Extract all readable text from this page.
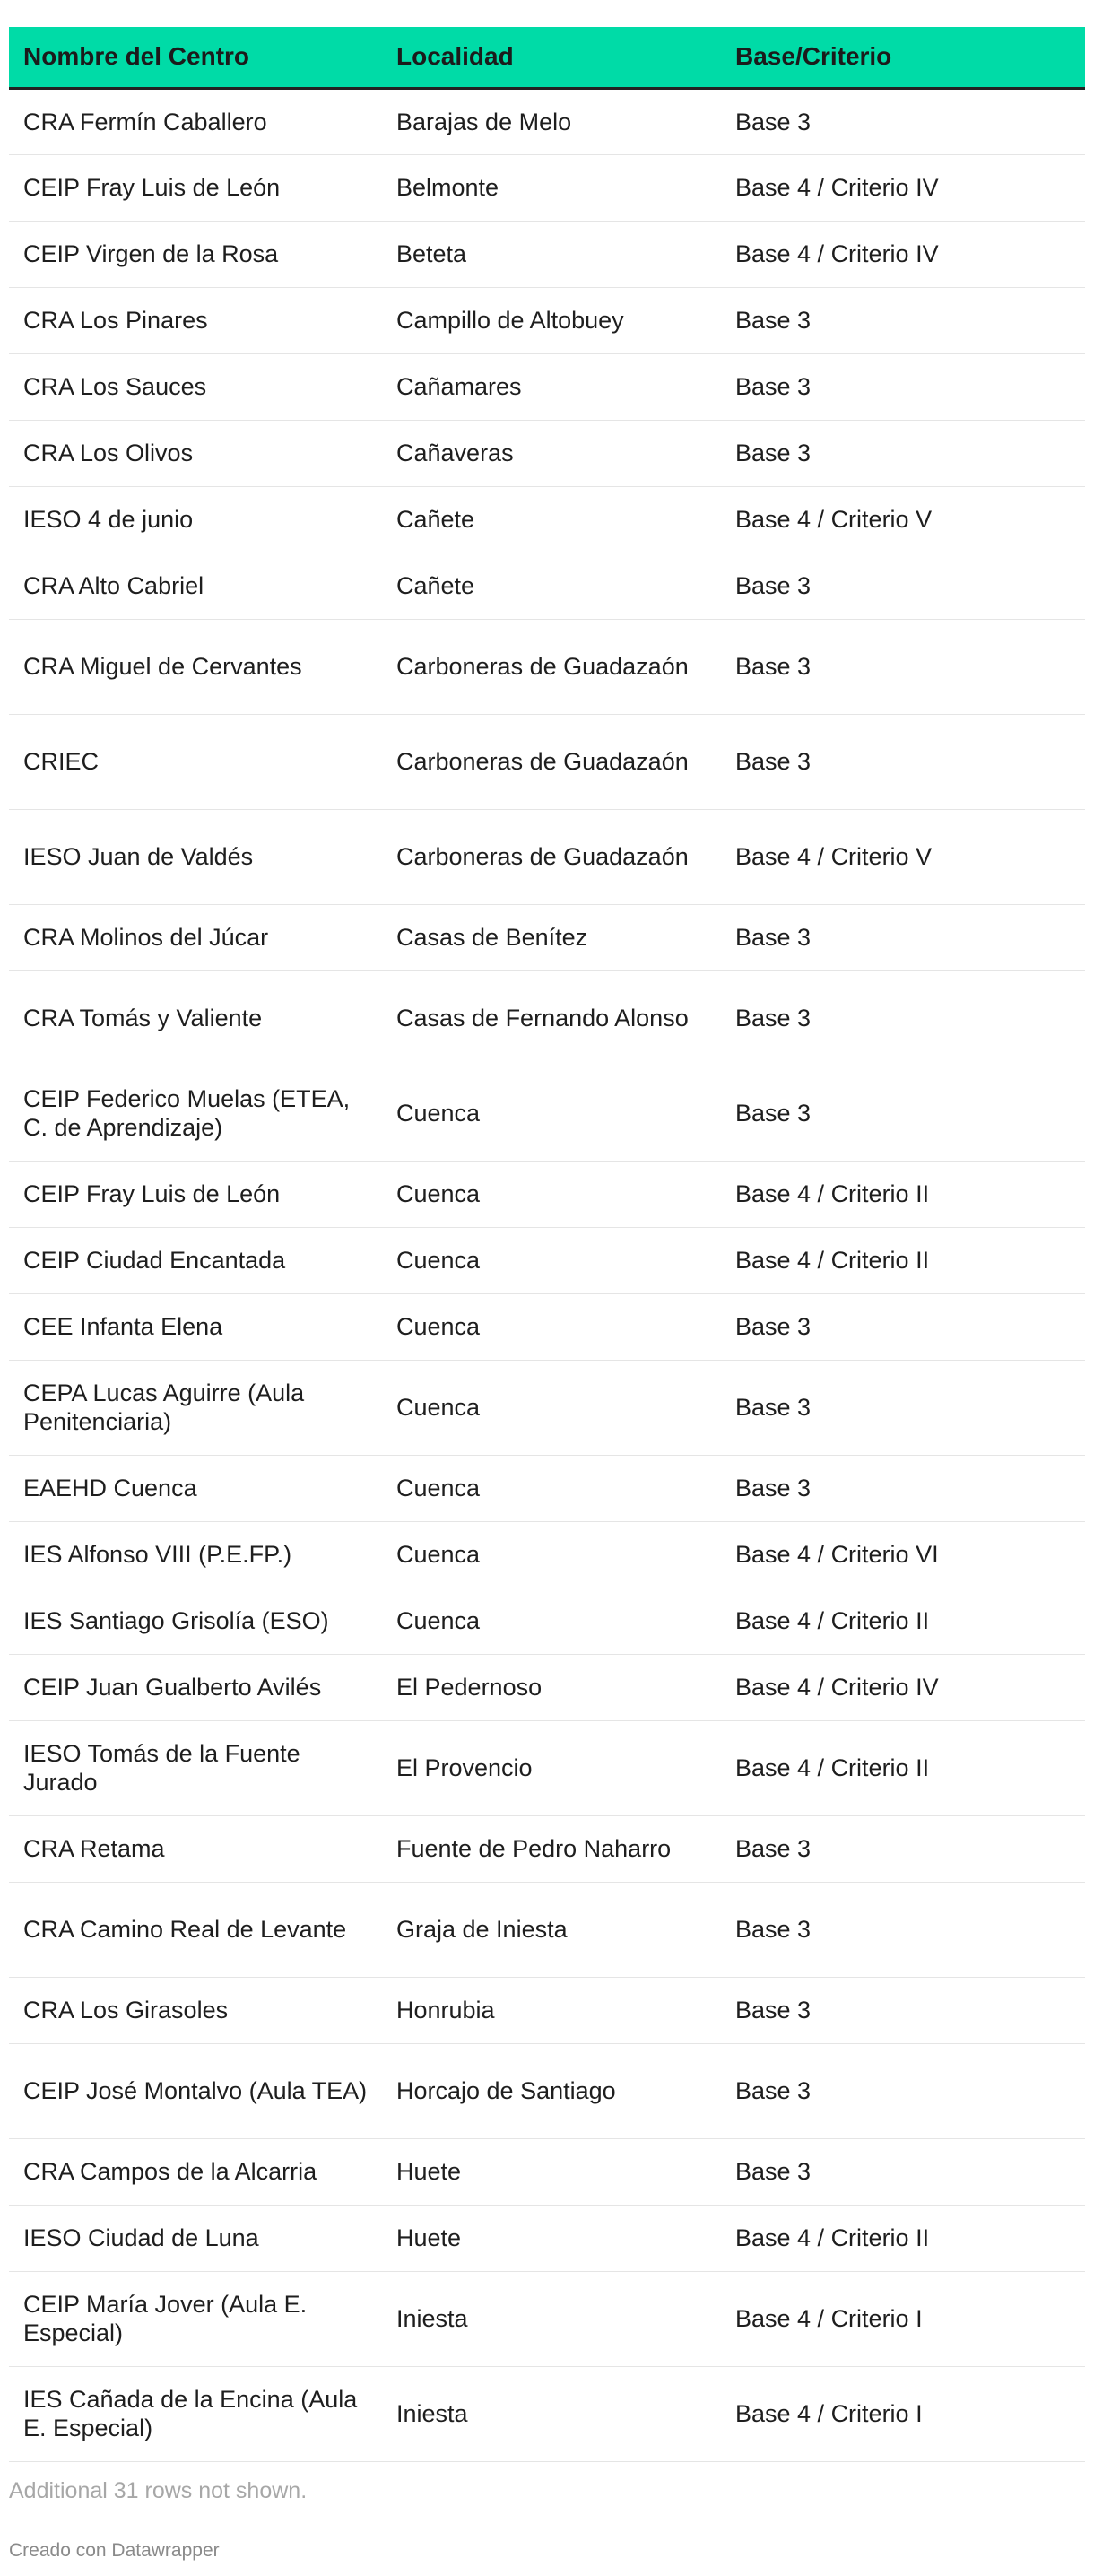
Nombre del Centro	Localidad	Base/Criterio
CRA Fermín Caballero	Barajas de Melo	Base 3
CEIP Fray Luis de León	Belmonte	Base 4 / Criterio IV
CEIP Virgen de la Rosa	Beteta	Base 4 / Criterio IV
CRA Los Pinares	Campillo de Altobuey	Base 3
CRA Los Sauces	Cañamares	Base 3
CRA Los Olivos	Cañaveras	Base 3
IESO 4 de junio	Cañete	Base 4 / Criterio V
CRA Alto Cabriel	Cañete	Base 3
CRA Miguel de Cervantes	Carboneras de Guadazaón	Base 3
CRIEC	Carboneras de Guadazaón	Base 3
IESO Juan de Valdés	Carboneras de Guadazaón	Base 4 / Criterio V
CRA Molinos del Júcar	Casas de Benítez	Base 3
CRA Tomás y Valiente	Casas de Fernando Alonso	Base 3
CEIP Federico Muelas (ETEA, C. de Aprendizaje)	Cuenca	Base 3
CEIP Fray Luis de León	Cuenca	Base 4 / Criterio II
CEIP Ciudad Encantada	Cuenca	Base 4 / Criterio II
CEE Infanta Elena	Cuenca	Base 3
CEPA Lucas Aguirre (Aula Penitenciaria)	Cuenca	Base 3
EAEHD Cuenca	Cuenca	Base 3
IES Alfonso VIII (P.E.FP.)	Cuenca	Base 4 / Criterio VI
IES Santiago Grisolía (ESO)	Cuenca	Base 4 / Criterio II
CEIP Juan Gualberto Avilés	El Pedernoso	Base 4 / Criterio IV
IESO Tomás de la Fuente Jurado	El Provencio	Base 4 / Criterio II
CRA Retama	Fuente de Pedro Naharro	Base 3
CRA Camino Real de Levante	Graja de Iniesta	Base 3
CRA Los Girasoles	Honrubia	Base 3
CEIP José Montalvo (Aula TEA)	Horcajo de Santiago	Base 3
CRA Campos de la Alcarria	Huete	Base 3
IESO Ciudad de Luna	Huete	Base 4 / Criterio II
CEIP María Jover (Aula E. Especial)	Iniesta	Base 4 / Criterio I
IES Cañada de la Encina (Aula E. Especial)	Iniesta	Base 4 / Criterio I
Additional 31 rows not shown.
Creado con Datawrapper
